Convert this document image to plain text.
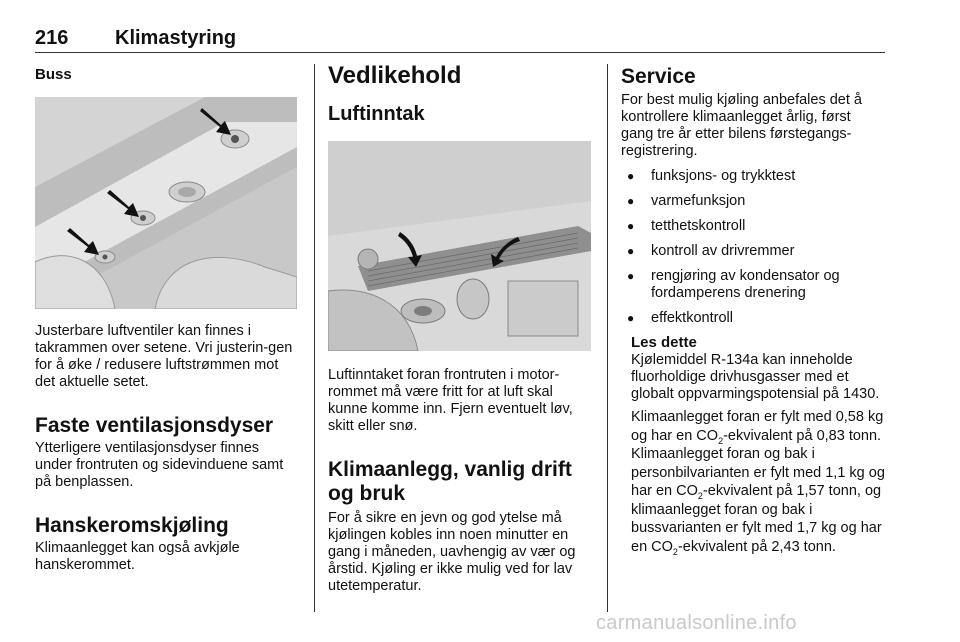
216 Klimastyring

Buss

Justerbare luftventiler kan finnes i takrammen over setene. Vri justerin-gen for å øke / redusere luftstrømmen mot det aktuelle setet.

Faste ventilasjonsdyser

Ytterligere ventilasjonsdyser finnes under frontruten og sidevinduene samt på benplassen.

Hanskeromskjøling

Klimaanlegget kan også avkjøle hanskerommet.

Vedlikehold

Luftinntak

Luftinntaket foran frontruten i motor-rommet må være fritt for at luft skal kunne komme inn. Fjern eventuelt løv, skitt eller snø.

Klimaanlegg, vanlig drift og bruk

For å sikre en jevn og god ytelse må kjølingen kobles inn noen minutter en gang i måneden, uavhengig av vær og årstid. Kjøling er ikke mulig ved for lav utetemperatur.

Service

For best mulig kjøling anbefales det å kontrollere klimaanlegget årlig, først gang tre år etter bilens førstegangs-registrering.

● funksjons- og trykktest
● varmefunksjon
● tetthetskontroll
● kontroll av drivremmer
● rengjøring av kondensator og fordamperens drenering
● effektkontroll

Les dette

Kjølemiddel R-134a kan inneholde fluorholdige drivhusgasser med et globalt oppvarmingspotensial på 1430.

Klimaanlegget foran er fylt med 0,58 kg og har en $CO_2$-ekvivalent på 0,83 tonn. Klimaanlegget foran og bak i personbilvarianten er fylt med 1,1 kg og har en $CO_2$-ekvivalent på 1,57 tonn, og klimaanlegget foran og bak i bussvarianten er fylt med 1,7 kg og har en $CO_2$-ekvivalent på 2,43 tonn.

carmanualsonline.info
